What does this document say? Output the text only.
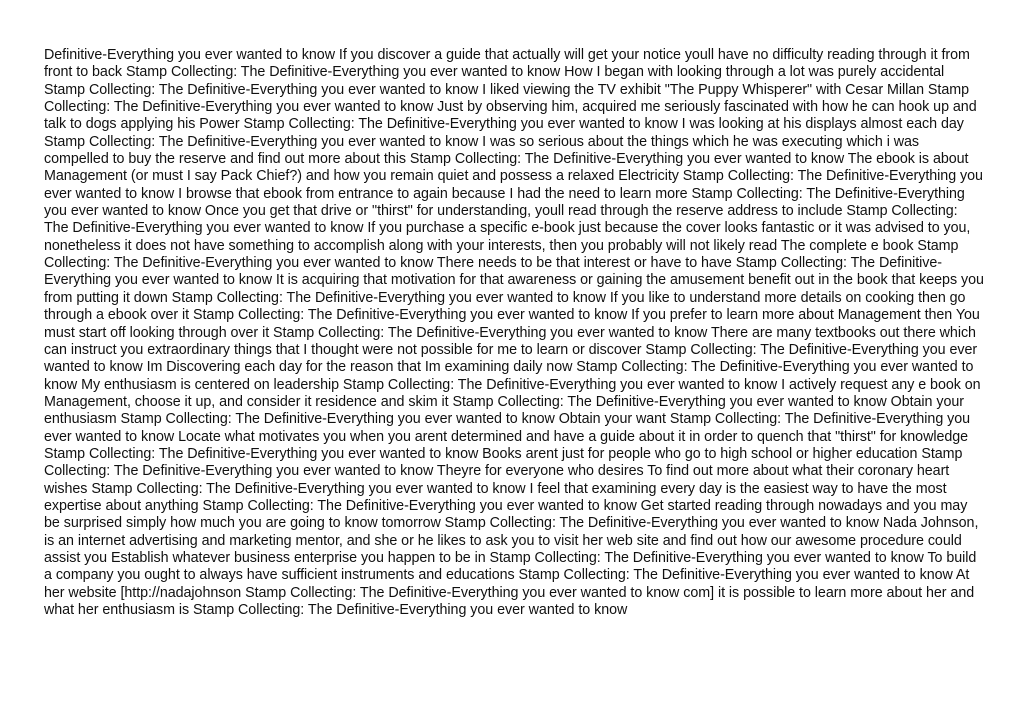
Definitive-Everything you ever wanted to know If you discover a guide that actually will get your notice youll have no difficulty reading through it from front to back Stamp Collecting: The Definitive-Everything you ever wanted to know How I began with looking through a lot was purely accidental Stamp Collecting: The Definitive-Everything you ever wanted to know I liked viewing the TV exhibit "The Puppy Whisperer" with Cesar Millan Stamp Collecting: The Definitive-Everything you ever wanted to know Just by observing him, acquired me seriously fascinated with how he can hook up and talk to dogs applying his Power Stamp Collecting: The Definitive-Everything you ever wanted to know I was looking at his displays almost each day Stamp Collecting: The Definitive-Everything you ever wanted to know I was so serious about the things which he was executing which i was compelled to buy the reserve and find out more about this Stamp Collecting: The Definitive-Everything you ever wanted to know The ebook is about Management (or must I say Pack Chief?) and how you remain quiet and possess a relaxed Electricity Stamp Collecting: The Definitive-Everything you ever wanted to know I browse that ebook from entrance to again because I had the need to learn more Stamp Collecting: The Definitive-Everything you ever wanted to know Once you get that drive or "thirst" for understanding, youll read through the reserve address to include Stamp Collecting: The Definitive-Everything you ever wanted to know If you purchase a specific e-book just because the cover looks fantastic or it was advised to you, nonetheless it does not have something to accomplish along with your interests, then you probably will not likely read The complete e book Stamp Collecting: The Definitive-Everything you ever wanted to know There needs to be that interest or have to have Stamp Collecting: The Definitive-Everything you ever wanted to know It is acquiring that motivation for that awareness or gaining the amusement benefit out in the book that keeps you from putting it down Stamp Collecting: The Definitive-Everything you ever wanted to know If you like to understand more details on cooking then go through a ebook over it Stamp Collecting: The Definitive-Everything you ever wanted to know If you prefer to learn more about Management then You must start off looking through over it Stamp Collecting: The Definitive-Everything you ever wanted to know There are many textbooks out there which can instruct you extraordinary things that I thought were not possible for me to learn or discover Stamp Collecting: The Definitive-Everything you ever wanted to know Im Discovering each day for the reason that Im examining daily now Stamp Collecting: The Definitive-Everything you ever wanted to know My enthusiasm is centered on leadership Stamp Collecting: The Definitive-Everything you ever wanted to know I actively request any e book on Management, choose it up, and consider it residence and skim it Stamp Collecting: The Definitive-Everything you ever wanted to know Obtain your enthusiasm Stamp Collecting: The Definitive-Everything you ever wanted to know Obtain your want Stamp Collecting: The Definitive-Everything you ever wanted to know Locate what motivates you when you arent determined and have a guide about it in order to quench that "thirst" for knowledge Stamp Collecting: The Definitive-Everything you ever wanted to know Books arent just for people who go to high school or higher education Stamp Collecting: The Definitive-Everything you ever wanted to know Theyre for everyone who desires To find out more about what their coronary heart wishes Stamp Collecting: The Definitive-Everything you ever wanted to know I feel that examining every day is the easiest way to have the most expertise about anything Stamp Collecting: The Definitive-Everything you ever wanted to know Get started reading through nowadays and you may be surprised simply how much you are going to know tomorrow Stamp Collecting: The Definitive-Everything you ever wanted to know Nada Johnson, is an internet advertising and marketing mentor, and she or he likes to ask you to visit her web site and find out how our awesome procedure could assist you Establish whatever business enterprise you happen to be in Stamp Collecting: The Definitive-Everything you ever wanted to know To build a company you ought to always have sufficient instruments and educations Stamp Collecting: The Definitive-Everything you ever wanted to know At her website [http://nadajohnson Stamp Collecting: The Definitive-Everything you ever wanted to know com] it is possible to learn more about her and what her enthusiasm is Stamp Collecting: The Definitive-Everything you ever wanted to know
